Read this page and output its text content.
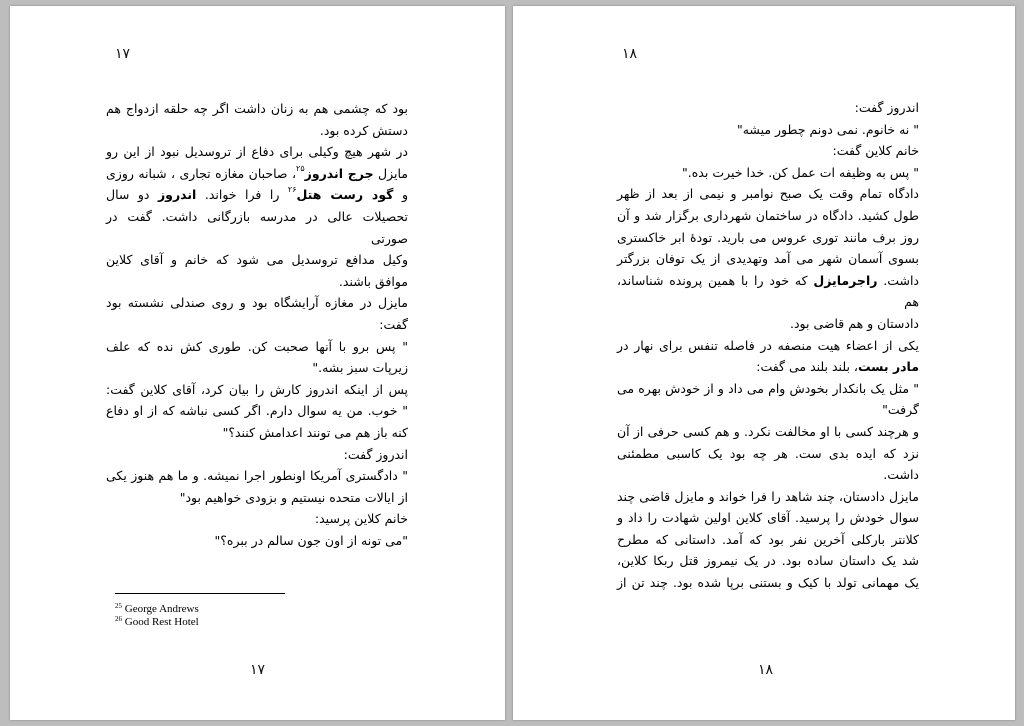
۱۷

بود که چشمی هم به زنان داشت اگر چه حلقه ازدواج هم

دستش کرده بود.

در شهر هیچ وکیلی برای دفاع از تروسدیل نبود از این رو

مایزل جرج اندروز$^{۲۵}$، صاحبان مغازه تجاری ، شبانه روزی

و گود رست هتل$^{۲۶}$ را فرا خواند. اندروز دو سال

تحصیلات عالی در مدرسه بازرگانی داشت. گفت در صورتی

وکیل مدافع تروسدیل می شود که خانم و آقای کلاین

موافق باشند.

مایزل در مغازه آرایشگاه بود و روی صندلی نشسته بود

گفت:

" پس برو با آنها صحبت کن. طوری کش نده که علف

زیرپات سبز بشه."

پس از اینکه اندروز کارش را بیان کرد، آقای کلاین گفت:

" خوب. من یه سوال دارم. اگر کسی نباشه که از او دفاع

کنه باز هم می تونند اعدامش کنند؟"

اندروز گفت:

" دادگستری آمریکا اونطور اجرا نمیشه. و ما هم هنوز یکی

از ایالات متحده نیستیم و بزودی خواهیم بود"

خانم کلاین پرسید:

"می تونه از اون جون سالم در ببره؟"

$^{25}$ George Andrews
$^{26}$ Good Rest Hotel
۱۷
۱۸

اندروز گفت:

" نه خانوم. نمی دونم چطور میشه"

خانم کلاین گفت:

" پس به وظیفه ات عمل کن. خدا خیرت بده."

دادگاه تمام وقت یک صبح نوامبر و نیمی از بعد از ظهر

طول کشید. دادگاه در ساختمان شهرداری برگزار شد و آن

روز برف مانند توری عروس می بارید. تودهٔ ابر خاکستری

بسوی آسمان شهر می آمد وتهدیدی از یک توفان بزرگتر

داشت. راجرمایزل که خود را با همین پرونده شناساند، هم

دادستان و هم قاضی بود.

یکی از اعضاء هیت منصفه در فاصله تنفس برای نهار در

مادر بست، بلند بلند می گفت:

" مثل یک بانکدار بخودش وام می داد و از خودش بهره می

گرفت"

و هرچند کسی با او مخالفت نکرد. و هم کسی حرفی از آن

نزد که ایده بدی ست. هر چه بود یک کاسبی مطمئنی

داشت.

مایزل دادستان، چند شاهد را فرا خواند و مایزل قاضی چند

سوال خودش را پرسید. آقای کلاین اولین شهادت را داد و

کلانتر بارکلی آخرین نفر بود که آمد. داستانی که مطرح

شد یک داستان ساده بود. در یک نیمروز قتل ربکا کلاین،

یک مهمانی تولد با کیک و بستنی برپا شده بود. چند تن از

۱۸
